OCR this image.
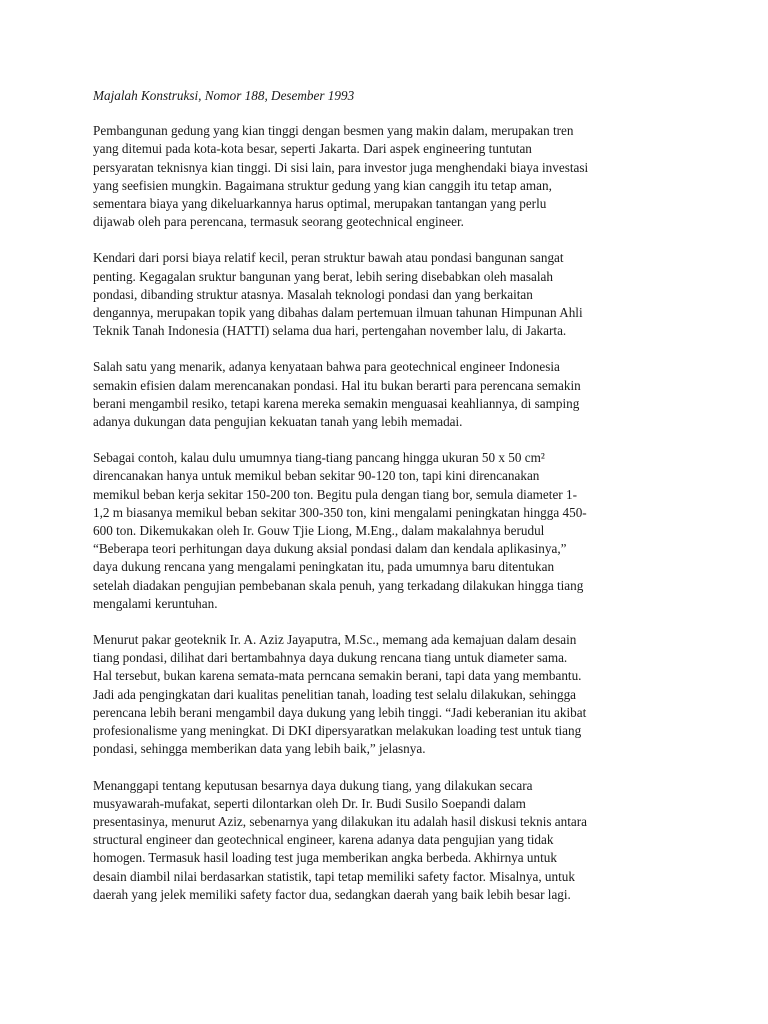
Majalah Konstruksi, Nomor 188, Desember 1993

Pembangunan gedung yang kian tinggi dengan besmen yang makin dalam, merupakan tren
yang ditemui pada kota-kota besar, seperti Jakarta. Dari aspek engineering tuntutan
persyaratan teknisnya kian tinggi. Di sisi lain, para investor juga menghendaki biaya investasi
yang seefisien mungkin. Bagaimana struktur gedung yang kian canggih itu tetap aman,
sementara biaya yang dikeluarkannya harus optimal, merupakan tantangan yang perlu
dijawab oleh para perencana, termasuk seorang geotechnical engineer.

Kendari dari porsi biaya relatif kecil, peran struktur bawah atau pondasi bangunan sangat
penting. Kegagalan sruktur bangunan yang berat, lebih sering disebabkan oleh masalah
pondasi, dibanding struktur atasnya. Masalah teknologi pondasi dan yang berkaitan
dengannya, merupakan topik yang dibahas dalam pertemuan ilmuan tahunan Himpunan Ahli
Teknik Tanah Indonesia (HATTI) selama dua hari, pertengahan november lalu, di Jakarta.

Salah satu yang menarik, adanya kenyataan bahwa para geotechnical engineer Indonesia
semakin efisien dalam merencanakan pondasi. Hal itu bukan berarti para perencana semakin
berani mengambil resiko, tetapi karena mereka semakin menguasai keahliannya, di samping
adanya dukungan data pengujian kekuatan tanah yang lebih memadai.

Sebagai contoh, kalau dulu umumnya tiang-tiang pancang hingga ukuran 50 x 50 cm²
direncanakan hanya untuk memikul beban sekitar 90-120 ton, tapi kini direncanakan
memikul beban kerja sekitar 150-200 ton. Begitu pula dengan tiang bor, semula diameter 1-
1,2 m biasanya memikul beban sekitar 300-350 ton, kini mengalami peningkatan hingga 450-
600 ton. Dikemukakan oleh Ir. Gouw Tjie Liong, M.Eng., dalam makalahnya berudul
“Beberapa teori perhitungan daya dukung aksial pondasi dalam dan kendala aplikasinya,”
daya dukung rencana yang mengalami peningkatan itu, pada umumnya baru ditentukan
setelah diadakan pengujian pembebanan skala penuh, yang terkadang dilakukan hingga tiang
mengalami keruntuhan.

Menurut pakar geoteknik Ir. A. Aziz Jayaputra, M.Sc., memang ada kemajuan dalam desain
tiang pondasi, dilihat dari bertambahnya daya dukung rencana tiang untuk diameter sama.
Hal tersebut, bukan karena semata-mata perncana semakin berani, tapi data yang membantu.
Jadi ada pengingkatan dari kualitas penelitian tanah, loading test selalu dilakukan, sehingga
perencana lebih berani mengambil daya dukung yang lebih tinggi. “Jadi keberanian itu akibat
profesionalisme yang meningkat. Di DKI dipersyaratkan melakukan loading test untuk tiang
pondasi, sehingga memberikan data yang lebih baik,” jelasnya.

Menanggapi tentang keputusan besarnya daya dukung tiang, yang dilakukan secara
musyawarah-mufakat, seperti dilontarkan oleh Dr. Ir. Budi Susilo Soepandi dalam
presentasinya, menurut Aziz, sebenarnya yang dilakukan itu adalah hasil diskusi teknis antara
structural engineer dan geotechnical engineer, karena adanya data pengujian yang tidak
homogen. Termasuk hasil loading test juga memberikan angka berbeda. Akhirnya untuk
desain diambil nilai berdasarkan statistik, tapi tetap memiliki safety factor. Misalnya, untuk
daerah yang jelek memiliki safety factor dua, sedangkan daerah yang baik lebih besar lagi.
